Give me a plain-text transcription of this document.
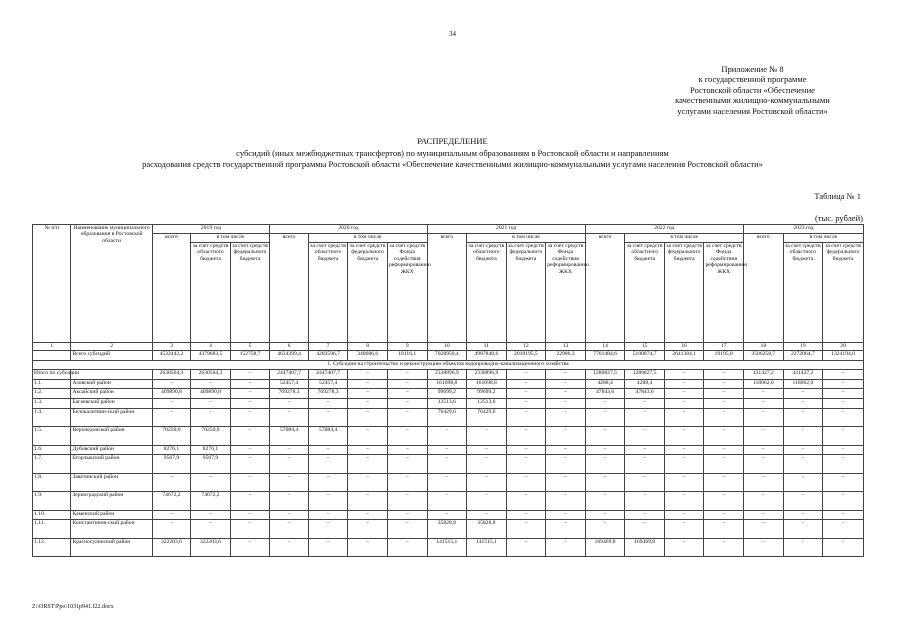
34
Приложение № 8
к государственной программе
Ростовской области «Обеспечение
качественными жилищно-коммунальными
услугами населения Ростовской области»
РАСПРЕДЕЛЕНИЕ
субсидий (иных межбюджетных трансфертов) по муниципальным образованиям в Ростовской области и направлениям
расходования средств государственной программы Ростовской области «Обеспечение качественными жилищно-коммунальными услугами населения Ростовской области»
Таблица № 1
(тыс. рублей)
№ п/п	Наименование муниципального образования в Ростовской области	2019 год			2020 год				2021 год				2022 год				2023 год		
		всего	в том числе		всего	в том числе			всего	в том числе			всего	в том числе			всего	в том числе	
			за счет средств областного бюджета	за счет средств федерального бюджета		за счет средств областного бюджета	за счет средств федерального бюджета	за счет средств Фонда содействия реформированию ЖКХ		за счет средств областного бюджета	за счет средств федерального бюджета	за счет средств Фонда содействия реформированию ЖКХ		за счет средств областного бюджета	за счет средств федерального бюджета	за счет средств Фонда содействия реформированию ЖКХ		за счет средств областного бюджета	за счет средств федерального бюджета
1	2	3	4	5	6	7	8	9	10	11	12	13	14	15	16	17	18	19	20
	Всего субсидий	4532442,2	4379683,5	152758,7	4634399,4	4283596,7	340686,6	10116,1	7028950,4	4987848,6	2018195,5	22906,3	7761484,6	5100874,7	2641384,1	19195,8	3506258,7	2272064,7	1324194,0
1. Субсидия на строительство и реконструкцию объектов водопроводно-канализационного хозяйства																			
Итого по субсидии		2630504,3	2630504,3	–	2447407,7	2447407,7	–	–	2338896,9	2338896,9	–	–	1280827,5	1280827,5	–	–	431427,2	431427,2	–
1.1.	Азовский район	–	–	–	52457,4	52457,4	–	–	161698,8	161698,8	–	–	4288,4	4288,4	–	–	118062,0	118062,0	–
1.2.	Аксайский район	409890,8	409890,8	–	769278,3	769278,3	–	–	99699,2	99699,2	–	–	47843,6	47843,6	–	–	–	–	–
1.3.	Багаевский район	–	–	–	–	–	–	–	12513,6	12513,6	–	–	–	–	–	–	–	–	–
1.4.	Белокалитвин-ский район	–	–	–	–	–	–	–	76429,6	76429,6	–	–	–	–	–	–	–	–	–
1.5.	Верхнедонской район	70250,0	70250,0	–	57084,4	57084,4	–	–	–	–	–	–	–	–	–	–	–	–	–
1.6.	Дубовский район	8276,1	8276,1	–	–	–	–	–	–	–	–	–	–	–	–	–	–	–	–
1.7.	Егорлыкский район	9567,9	9567,9	–	–	–	–	–	–	–	–	–	–	–	–	–	–	–	–
1.8.	Заветинский район	–	–	–	–	–	–	–	–	–	–	–	–	–	–	–	–	–	–
1.9.	Зерноградский район	74672,2	74672,2	–	–	–	–	–	–	–	–	–	–	–	–	–	–	–	–
1.10.	Каменский район	–	–	–	–	–	–	–	–	–	–	–	–	–	–	–	–	–	–
1.11.	Константинов-ский район	–	–	–	–	–	–	–	35828,8	35828,8	–	–	–	–	–	–	–	–	–
1.12.	Красносулинский район	322203,6	322203,6	–	–	–	–	–	141515,1	141515,1	–	–	169469,8	169469,8	–	–	–	–	–
Z:\ORST\Ppo\1031p941.f22.docx
